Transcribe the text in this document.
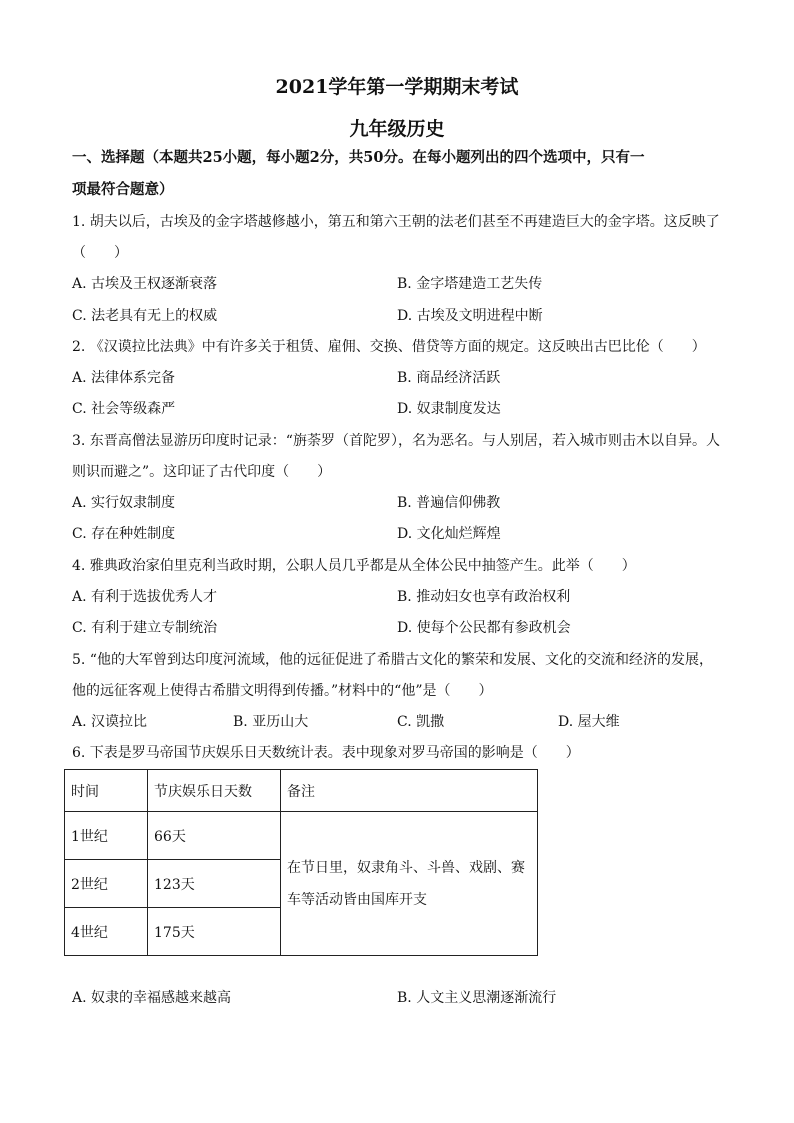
2021学年第一学期期末考试
九年级历史
一、选择题（本题共25小题，每小题2分，共50分。在每小题列出的四个选项中，只有一
项最符合题意）
1. 胡夫以后，古埃及的金字塔越修越小，第五和第六王朝的法老们甚至不再建造巨大的金字塔。这反映了
（　　）
A. 古埃及王权逐渐衰落	B. 金字塔建造工艺失传
C. 法老具有无上的权威	D. 古埃及文明进程中断
2. 《汉谟拉比法典》中有许多关于租赁、雇佣、交换、借贷等方面的规定。这反映出古巴比伦（　　）
A. 法律体系完备	B. 商品经济活跃
C. 社会等级森严	D. 奴隶制度发达
3. 东晋高僧法显游历印度时记录：“旃荼罗（首陀罗），名为恶名。与人别居，若入城市则击木以自异。人
则识而避之”。这印证了古代印度（　　）
A. 实行奴隶制度	B. 普遍信仰佛教
C. 存在种姓制度	D. 文化灿烂辉煌
4. 雅典政治家伯里克利当政时期，公职人员几乎都是从全体公民中抽签产生。此举（　　）
A. 有利于选拔优秀人才	B. 推动妇女也享有政治权利
C. 有利于建立专制统治	D. 使每个公民都有参政机会
5. “他的大军曾到达印度河流域，他的远征促进了希腊古文化的繁荣和发展、文化的交流和经济的发展，
他的远征客观上使得古希腊文明得到传播。”材料中的“他”是（　　）
A. 汉谟拉比	B. 亚历山大	C. 凯撒	D. 屋大维
6. 下表是罗马帝国节庆娱乐日天数统计表。表中现象对罗马帝国的影响是（　　）
时间	节庆娱乐日天数	备注
1世纪	66天	在节日里，奴隶角斗、斗兽、戏剧、赛车等活动皆由国库开支
2世纪	123天	
4世纪	175天	
A. 奴隶的幸福感越来越高	B. 人文主义思潮逐渐流行
